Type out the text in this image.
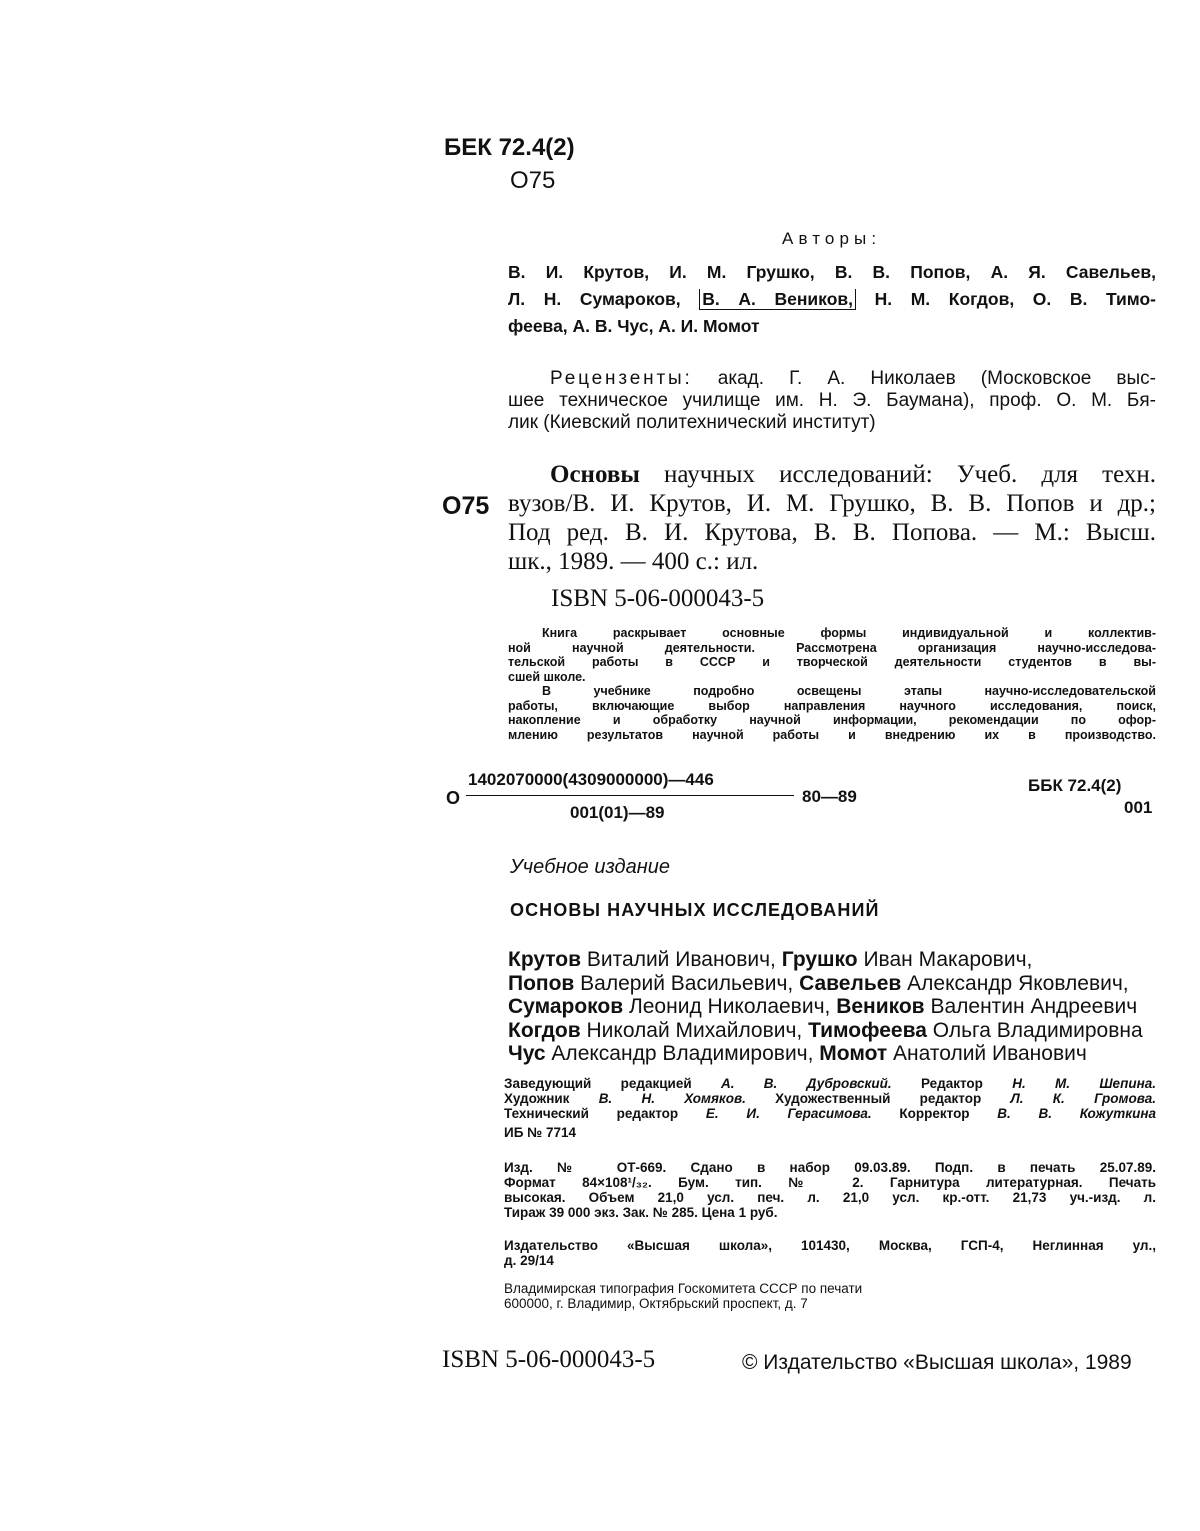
БЕК 72.4(2)
О75
Авторы:
В. И. Крутов, И. М. Грушко, В. В. Попов, А. Я. Савельев,
Л. Н. Сумароков, В. А. Веников, Н. М. Когдов, О. В. Тимо-
феева, А. В. Чус, А. И. Момот
Рецензенты: акад. Г. А. Николаев (Московское выс-
шее техническое училище им. Н. Э. Баумана), проф. О. М. Бя-
лик (Киевский политехнический институт)
О75
Основы научных исследований: Учеб. для техн.
вузов/В. И. Крутов, И. М. Грушко, В. В. Попов и др.;
Под ред. В. И. Крутова, В. В. Попова. — М.: Высш.
шк., 1989. — 400 с.: ил.
ISBN 5-06-000043-5
Книга раскрывает основные формы индивидуальной и коллектив-
ной научной деятельности. Рассмотрена организация научно-исследова-
тельской работы в СССР и творческой деятельности студентов в вы-
сшей школе.
В учебнике подробно освещены этапы научно-исследовательской
работы, включающие выбор направления научного исследования, поиск,
накопление и обработку научной информации, рекомендации по офор-
млению результатов научной работы и внедрению их в производство.
О
1402070000(4309000000)—446
001(01)—89
80—89
ББК 72.4(2)
001
Учебное издание
ОСНОВЫ НАУЧНЫХ ИССЛЕДОВАНИЙ
Крутов Виталий Иванович, Грушко Иван Макарович,
Попов Валерий Васильевич, Савельев Александр Яковлевич,
Сумароков Леонид Николаевич, Веников Валентин Андреевич
Когдов Николай Михайлович, Тимофеева Ольга Владимировна
Чус Александр Владимирович, Момот Анатолий Иванович
Заведующий редакцией А. В. Дубровский. Редактор Н. М. Шепина.
Художник В. Н. Хомяков. Художественный редактор Л. К. Громова.
Технический редактор Е. И. Герасимова. Корректор В. В. Кожуткина
ИБ № 7714
Изд. № ОТ-669. Сдано в набор 09.03.89. Подп. в печать 25.07.89.
Формат 84×108¹/₃₂. Бум. тип. № 2. Гарнитура литературная. Печать
высокая. Объем 21,0 усл. печ. л. 21,0 усл. кр.-отт. 21,73 уч.-изд. л.
Тираж 39 000 экз. Зак. № 285. Цена 1 руб.
Издательство «Высшая школа», 101430, Москва, ГСП-4, Неглинная ул.,
д. 29/14
Владимирская типография Госкомитета СССР по печати
600000, г. Владимир, Октябрьский проспект, д. 7
ISBN 5-06-000043-5	© Издательство «Высшая школа», 1989
